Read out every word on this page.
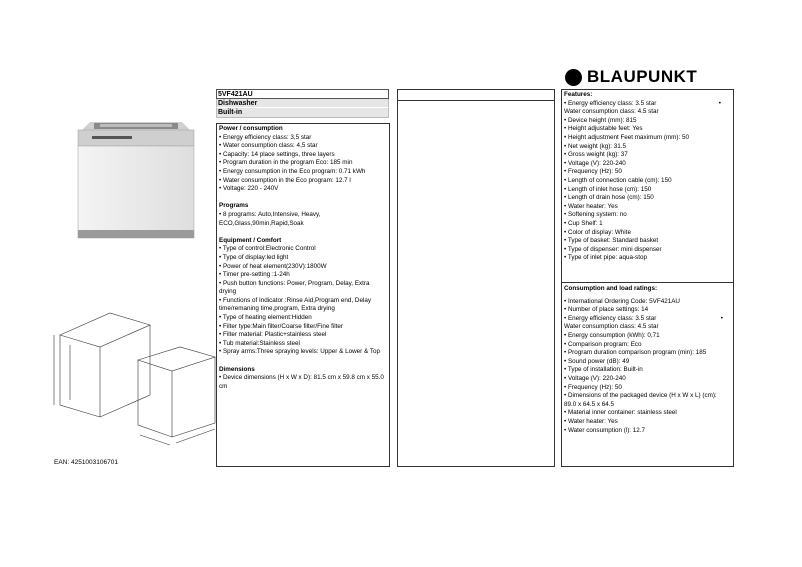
BLAUPUNKT
EAN: 4251003106701
5VF421AU
Dishwasher
Built-in
Power / consumption
• Energy efficiency class: 3,5 star
• Water consumption class: 4,5 star
• Capacity: 14 place settings, three layers
• Program duration in the program Eco: 185 min
• Energy consumption in the Eco program: 0.71 kWh
• Water consumption in the Eco program: 12.7 l
• Voltage: 220 - 240V
Programs
• 8 programs: Auto,Intensive, Heavy,
ECO,Glass,90min,Rapid,Soak
Equipment / Comfort
• Type of control:Electronic Control
• Type of display:led light
• Power of heat element(230V):1800W
• Timer pre-setting :1-24h
• Push button functions: Power, Program, Delay, Extra
drying
• Functions of Indicator :Rinse Aid,Program end, Delay
time/remaning time,program, Extra drying
• Type of heating element:Hidden
• Filter type:Main filter/Coarse filter/Fine filter
• Filter material: Plastic+stainless steel
• Tub material:Stainless steel
• Spray arms:Three spraying levels: Upper & Lower & Top
Dimensions
• Device dimensions (H x W x D): 81.5 cm x 59.8 cm x 55.0
cm
Features:
• Energy efficiency class: 3.5 star	•
Water consumption class: 4.5 star
• Device height (mm): 815
• Height adjustable feet: Yes
• Height adjustment Feet maximum (mm): 50
• Net weight (kg): 31.5
• Gross weight (kg): 37
• Voltage (V): 220-240
• Frequency (Hz): 50
• Length of connection cable (cm): 150
• Length of inlet hose (cm): 150
• Length of drain hose (cm): 150
• Water heater: Yes
• Softening system: no
• Cup Shelf: 1
• Color of display: White
• Type of basket: Standard basket
• Type of dispenser: mini dispenser
• Type of inlet pipe: aqua-stop
Consumption and load ratings:
• International Ordering Code: 5VF421AU
• Number of place settings: 14
• Energy efficiency class: 3.5 star	•
Water consumption class: 4.5 star
• Energy consumption (kWh): 0,71
• Comparison program: Eco
• Program duration comparison program (min): 185
• Sound power (dB): 49
• Type of installation: Built-in
• Voltage (V): 220-240
• Frequency (Hz): 50
• Dimensions of the packaged device (H x W x L) (cm):
89.0 x 64.5 x 64.5
• Material inner container: stainless steel
• Water heater: Yes
• Water consumption (l): 12.7
